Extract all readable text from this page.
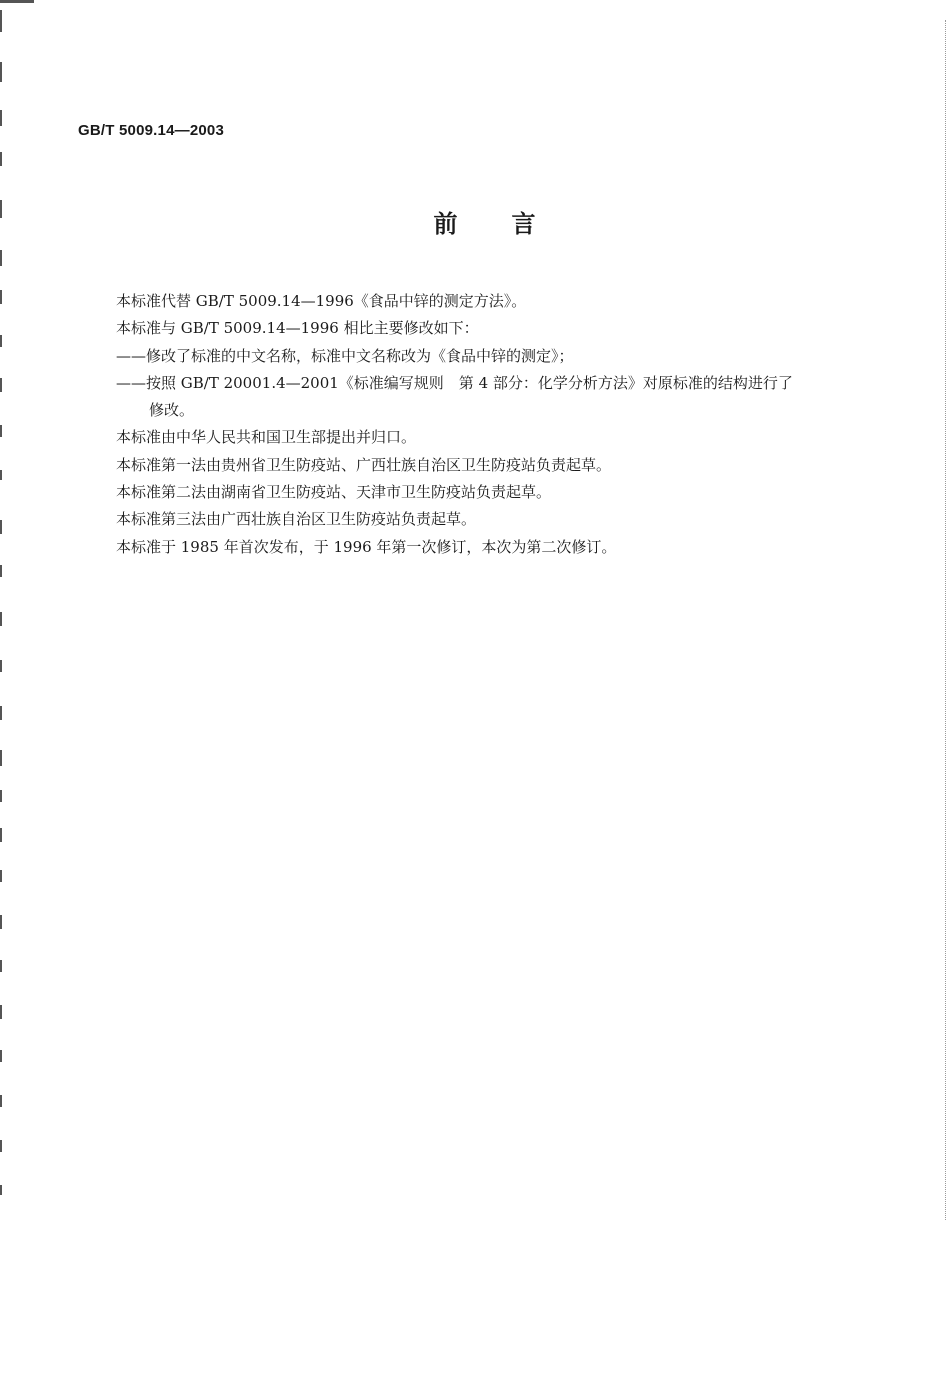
GB/T 5009.14—2003
前言

本标准代替 GB/T 5009.14—1996《食品中锌的测定方法》。

本标准与 GB/T 5009.14—1996 相比主要修改如下：

——修改了标准的中文名称，标准中文名称改为《食品中锌的测定》；

——按照 GB/T 20001.4—2001《标准编写规则　第 4 部分：化学分析方法》对原标准的结构进行了

修改。

本标准由中华人民共和国卫生部提出并归口。

本标准第一法由贵州省卫生防疫站、广西壮族自治区卫生防疫站负责起草。

本标准第二法由湖南省卫生防疫站、天津市卫生防疫站负责起草。

本标准第三法由广西壮族自治区卫生防疫站负责起草。

本标准于 1985 年首次发布，于 1996 年第一次修订，本次为第二次修订。
